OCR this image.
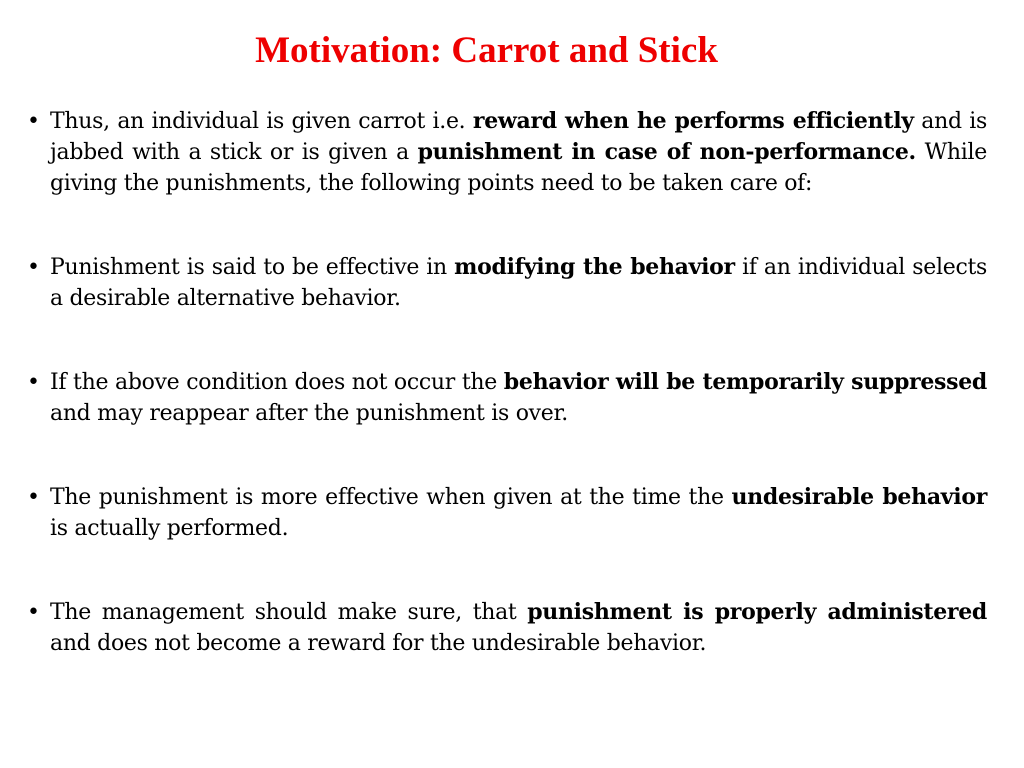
Motivation: Carrot and Stick
• Thus, an individual is given carrot i.e. reward when he performs efficiently and is jabbed with a stick or is given a punishment in case of non-performance. While giving the punishments, the following points need to be taken care of:
• Punishment is said to be effective in modifying the behavior if an individual selects a desirable alternative behavior.
• If the above condition does not occur the behavior will be temporarily suppressed and may reappear after the punishment is over.
• The punishment is more effective when given at the time the undesirable behavior is actually performed.
• The management should make sure, that punishment is properly administered and does not become a reward for the undesirable behavior.
